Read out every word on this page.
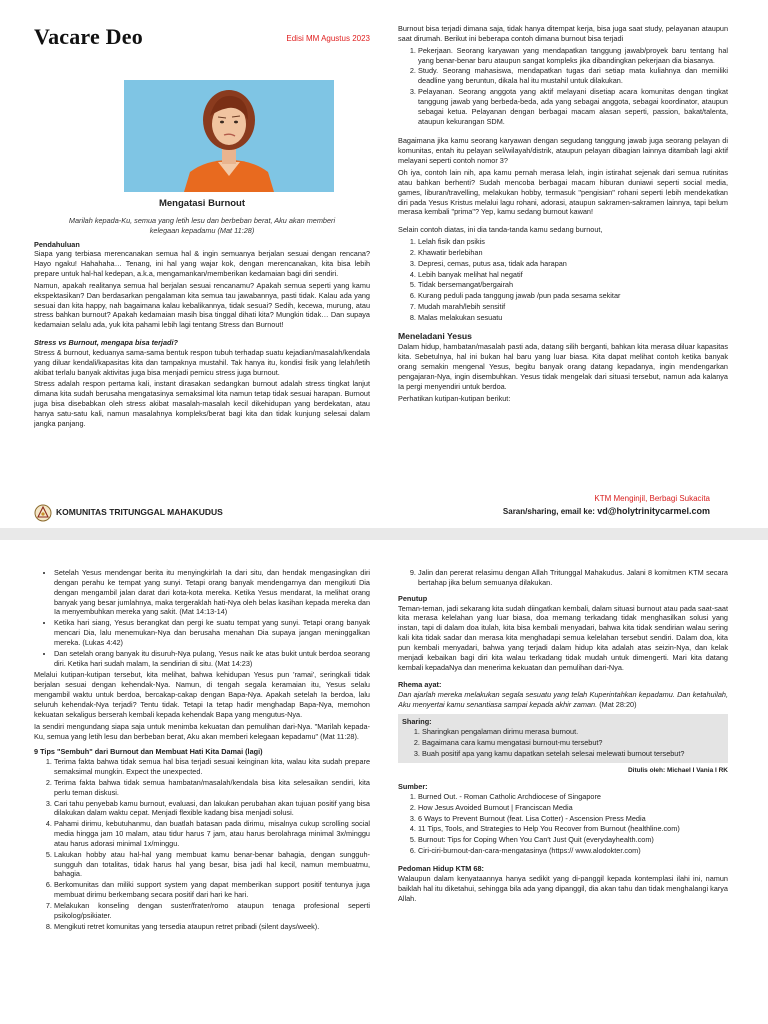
Vacare Deo	Edisi MM Agustus 2023
Mengatasi Burnout
Marilah kepada-Ku, semua yang letih lesu dan berbeban berat, Aku akan memberi kelegaan kepadamu (Mat 11:28)
Pendahuluan

Siapa yang terbiasa merencanakan semua hal & ingin semuanya berjalan sesuai dengan rencana? Hayo ngaku! Hahahaha… Tenang, ini hal yang wajar kok, dengan merencanakan, kita bisa lebih prepare untuk hal-hal kedepan, a.k.a, mengamankan/memberikan kedamaian bagi diri sendiri.

Namun, apakah realitanya semua hal berjalan sesuai rencanamu? Apakah semua seperti yang kamu ekspektasikan? Dan berdasarkan pengalaman kita semua tau jawabannya, pasti tidak. Kalau ada yang sesuai dan kita happy, nah bagaimana kalau kebalikannya, tidak sesuai? Sedih, kecewa, murung, atau stress bahkan burnout? Apakah kedamaian masih bisa tinggal dihati kita? Mungkin tidak… Dan supaya kedamaian selalu ada, yuk kita pahami lebih lagi tentang Stress dan Burnout!

Stress vs Burnout, mengapa bisa terjadi?

Stress & burnout, keduanya sama-sama bentuk respon tubuh terhadap suatu kejadian/masalah/kendala yang diluar kendali/kapasitas kita dan tampaknya mustahil. Tak hanya itu, kondisi fisik yang lelah/letih akibat terlalu banyak aktivitas juga bisa menjadi pemicu stress juga burnout.

Stress adalah respon pertama kali, instant dirasakan sedangkan burnout adalah stress tingkat lanjut dimana kita sudah berusaha mengatasinya semaksimal kita namun tetap tidak sesuai harapan. Burnout juga bisa disebabkan oleh stress akibat masalah-masalah kecil dikehidupan yang berdekatan, atau hanya satu-satu kali, namun masalahnya kompleks/berat bagi kita dan tidak kunjung selesai dalam jangka panjang.

Burnout bisa terjadi dimana saja, tidak hanya ditempat kerja, bisa juga saat study, pelayanan ataupun saat dirumah. Berikut ini beberapa contoh dimana burnout bisa terjadi

1. Pekerjaan. Seorang karyawan yang mendapatkan tanggung jawab/proyek baru tentang hal yang benar-benar baru ataupun sangat kompleks jika dibandingkan pekerjaan dia biasanya.
2. Study. Seorang mahasiswa, mendapatkan tugas dari setiap mata kuliahnya dan memiliki deadline yang beruntun, dikala hal itu mustahil untuk dilakukan.
3. Pelayanan. Seorang anggota yang aktif melayani disetiap acara komunitas dengan tingkat tanggung jawab yang berbeda-beda, ada yang sebagai anggota, sebagai koordinator, ataupun sebagai ketua. Pelayanan dengan berbagai macam alasan seperti, passion, bakat/talenta, ataupun kekurangan SDM.

Bagaimana jika kamu seorang karyawan dengan segudang tanggung jawab juga seorang pelayan di komunitas, entah itu pelayan sel/wilayah/distrik, ataupun pelayan dibagian lainnya ditambah lagi aktif melayani seperti contoh nomor 3?

Oh iya, contoh lain nih, apa kamu pernah merasa lelah, ingin istirahat sejenak dari semua rutinitas atau bahkan berhenti? Sudah mencoba berbagai macam hiburan duniawi seperti social media, games, liburan/travelling, melakukan hobby, termasuk "pengisian" rohani seperti lebih mendekatkan diri pada Yesus Kristus melalui lagu rohani, adorasi, ataupun sakramen-sakramen lainnya, tapi belum merasa kembali "prima"? Yep, kamu sedang burnout kawan!

Selain contoh diatas, ini dia tanda-tanda kamu sedang burnout,

1. Lelah fisik dan psikis
2. Khawatir berlebihan
3. Depresi, cemas, putus asa, tidak ada harapan
4. Lebih banyak melihat hal negatif
5. Tidak bersemangat/bergairah
6. Kurang peduli pada tanggung jawab /pun pada sesama sekitar
7. Mudah marah/lebih sensitif
8. Malas melakukan sesuatu
Meneladani Yesus

Dalam hidup, hambatan/masalah pasti ada, datang silih berganti, bahkan kita merasa diluar kapasitas kita. Sebetulnya, hal ini bukan hal baru yang luar biasa. Kita dapat melihat contoh ketika banyak orang semakin mengenal Yesus, begitu banyak orang datang kepadanya, ingin mendengarkan pengajaran-Nya, ingin disembuhkan. Yesus tidak mengelak dari situasi tersebut, namun ada kalanya Ia pergi menyendiri untuk berdoa.

Perhatikan kutipan-kutipan berikut:

KOMUNITAS TRITUNGGAL MAHAKUDUS
KTM Menginjil, Berbagi Sukacita
Saran/sharing, email ke: vd@holytrinitycarmel.com
• Setelah Yesus mendengar berita itu menyingkirlah Ia dari situ, dan hendak mengasingkan diri dengan perahu ke tempat yang sunyi. Tetapi orang banyak mendengarnya dan mengikuti Dia dengan mengambil jalan darat dari kota-kota mereka. Ketika Yesus mendarat, Ia melihat orang banyak yang besar jumlahnya, maka tergeraklah hati-Nya oleh belas kasihan kepada mereka dan Ia menyembuhkan mereka yang sakit. (Mat 14:13-14)
• Ketika hari siang, Yesus berangkat dan pergi ke suatu tempat yang sunyi. Tetapi orang banyak mencari Dia, lalu menemukan-Nya dan berusaha menahan Dia supaya jangan meninggalkan mereka. (Lukas 4:42)
• Dan setelah orang banyak itu disuruh-Nya pulang, Yesus naik ke atas bukit untuk berdoa seorang diri. Ketika hari sudah malam, Ia sendirian di situ. (Mat 14:23)

Melalui kutipan-kutipan tersebut, kita melihat, bahwa kehidupan Yesus pun 'ramai', seringkali tidak berjalan sesuai dengan kehendak-Nya. Namun, di tengah segala keramaian itu, Yesus selalu mengambil waktu untuk berdoa, bercakap-cakap dengan Bapa-Nya. Apakah setelah Ia berdoa, lalu seluruh kehendak-Nya terjadi? Tentu tidak. Tetapi Ia tetap hadir menghadap Bapa-Nya, memohon kekuatan sekaligus berserah kembali kepada kehendak Bapa yang mengutus-Nya.

Ia sendiri mengundang siapa saja untuk menimba kekuatan dan pemulihan dari-Nya. "Marilah kepada-Ku, semua yang letih lesu dan berbeban berat, Aku akan memberi kelegaan kepadamu" (Mat 11:28).

9 Tips "Sembuh" dari Burnout dan Membuat Hati Kita Damai (lagi)
1. Terima fakta bahwa tidak semua hal bisa terjadi sesuai keinginan kita, walau kita sudah prepare semaksimal mungkin. Expect the unexpected.
2. Terima fakta bahwa tidak semua hambatan/masalah/kendala bisa kita selesaikan sendiri, kita perlu teman diskusi.
3. Cari tahu penyebab kamu burnout, evaluasi, dan lakukan perubahan akan tujuan positif yang bisa dilakukan dalam waktu cepat. Menjadi flexible kadang bisa menjadi solusi.
4. Pahami dirimu, kebutuhanmu, dan buatlah batasan pada dirimu, misalnya cukup scrolling social media hingga jam 10 malam, atau tidur harus 7 jam, atau harus berolahraga minimal 3x/minggu atau harus adorasi minimal 1x/minggu.
5. Lakukan hobby atau hal-hal yang membuat kamu benar-benar bahagia, dengan sungguh-sungguh dan totalitas, tidak harus hal yang besar, bisa jadi hal kecil, namun membuatmu, bahagia.
6. Berkomunitas dan miliki support system yang dapat memberikan support positif tentunya juga membuat dirimu berkembang secara positif dari hari ke hari.
7. Melakukan konseling dengan suster/frater/romo ataupun tenaga profesional seperti psikolog/psikiater.
8. Mengikuti retret komunitas yang tersedia ataupun retret pribadi (silent days/week).
9. Jalin dan pererat relasimu dengan Allah Tritunggal Mahakudus. Jalani 8 komitmen KTM secara bertahap jika belum semuanya dilakukan.
Penutup

Teman-teman, jadi sekarang kita sudah diingatkan kembali, dalam situasi burnout atau pada saat-saat kita merasa kelelahan yang luar biasa, doa memang terkadang tidak menghasilkan solusi yang instan, tapi di dalam doa itulah, kita bisa kembali menyadari, bahwa kita tidak sendirian walau sering kali kita tidak sadar dan merasa kita menghadapi semua kelelahan tersebut sendiri. Dalam doa, kita pun kembali menyadari, bahwa yang terjadi dalam hidup kita adalah atas seizin-Nya, dan kelak menjadi kebaikan bagi diri kita walau terkadang tidak mudah untuk dimengerti. Mari kita datang kembali kepadaNya dan menerima kekuatan dan pemulihan dari-Nya.

Rhema ayat:

Dan ajarlah mereka melakukan segala sesuatu yang telah Kuperintahkan kepadamu. Dan ketahuilah, Aku menyertai kamu senantiasa sampai kepada akhir zaman. (Mat 28:20)

Sharing:
1. Sharingkan pengalaman dirimu merasa burnout.
2. Bagaimana cara kamu mengatasi burnout-mu tersebut?
3. Buah positif apa yang kamu dapatkan setelah selesai melewati burnout tersebut?
Ditulis oleh: Michael I Vania I RK
Sumber:
1. Burned Out. - Roman Catholic Archdiocese of Singapore
2. How Jesus Avoided Burnout | Franciscan Media
3. 6 Ways to Prevent Burnout (feat. Lisa Cotter) - Ascension Press Media
4. 11 Tips, Tools, and Strategies to Help You Recover from Burnout (healthline.com)
5. Burnout: Tips for Coping When You Can't Just Quit (everydayhealth.com)
6. Ciri-ciri-burnout-dan-cara-mengatasinya (https:// www.alodokter.com)
Pedoman Hidup KTM 68:

Walaupun dalam kenyataannya hanya sedikit yang di-panggil kepada kontemplasi ilahi ini, namun baiklah hal itu diketahui, sehingga bila ada yang dipanggil, dia akan tahu dan tidak menghalangi karya Allah.
